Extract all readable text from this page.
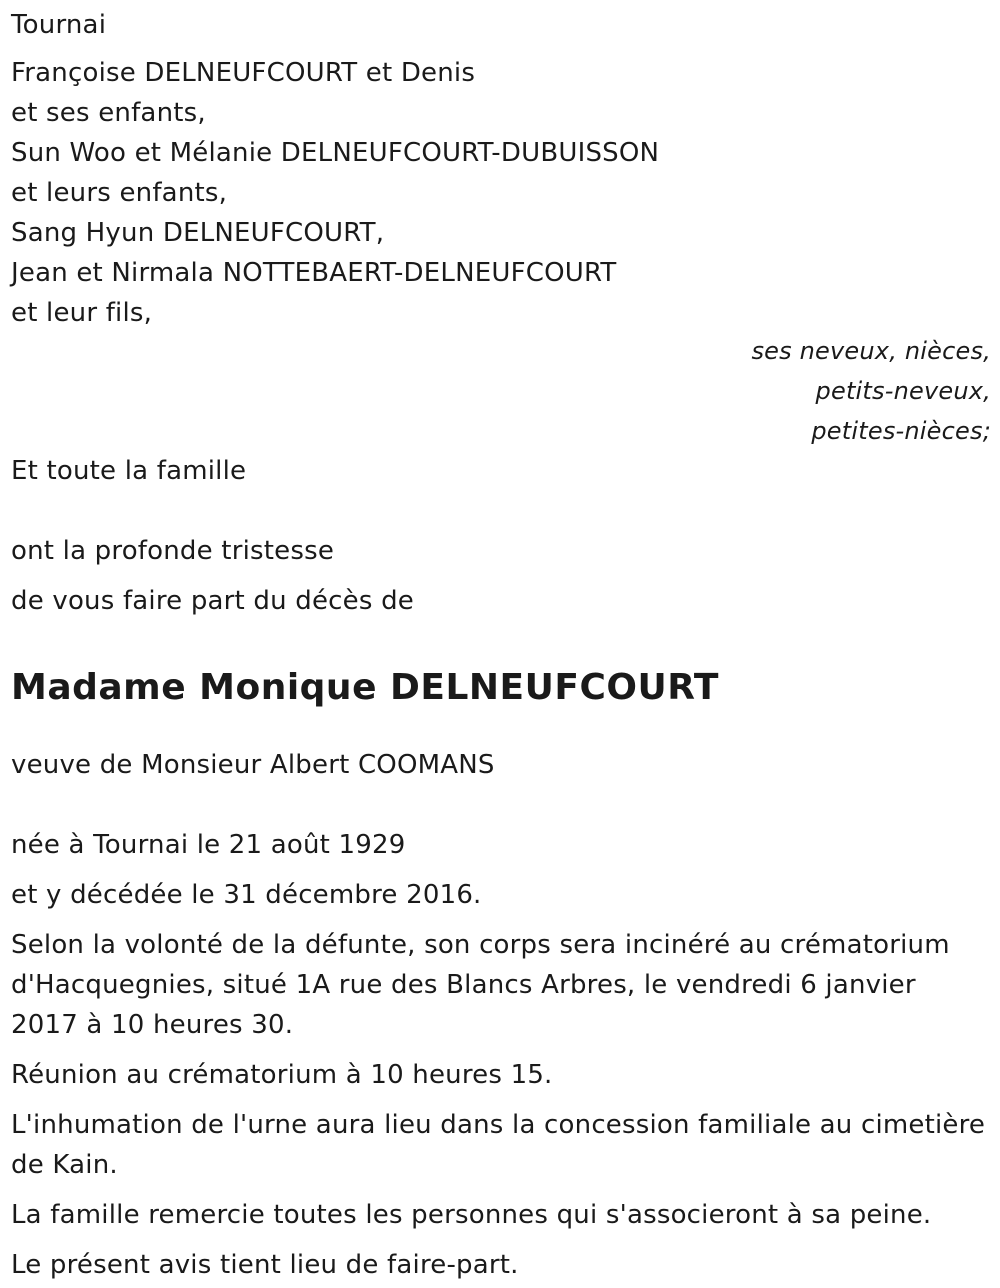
Tournai
Françoise DELNEUFCOURT et Denis
et ses enfants,
Sun Woo et Mélanie DELNEUFCOURT-DUBUISSON
et leurs enfants,
Sang Hyun DELNEUFCOURT,
Jean et Nirmala NOTTEBAERT-DELNEUFCOURT
et leur fils,
ses neveux, nièces,
petits-neveux,
petites-nièces;
Et toute la famille
ont la profonde tristesse
de vous faire part du décès de
Madame Monique DELNEUFCOURT
veuve de Monsieur Albert COOMANS
née à Tournai le 21 août 1929
et y décédée le 31 décembre 2016.
Selon la volonté de la défunte, son corps sera incinéré au crématorium d'Hacquegnies, situé 1A rue des Blancs Arbres, le vendredi 6 janvier 2017 à 10 heures 30.
Réunion au crématorium à 10 heures 15.
L'inhumation de l'urne aura lieu dans la concession familiale au cimetière de Kain.
La famille remercie toutes les personnes qui s'associeront à sa peine.
Le présent avis tient lieu de faire-part.
